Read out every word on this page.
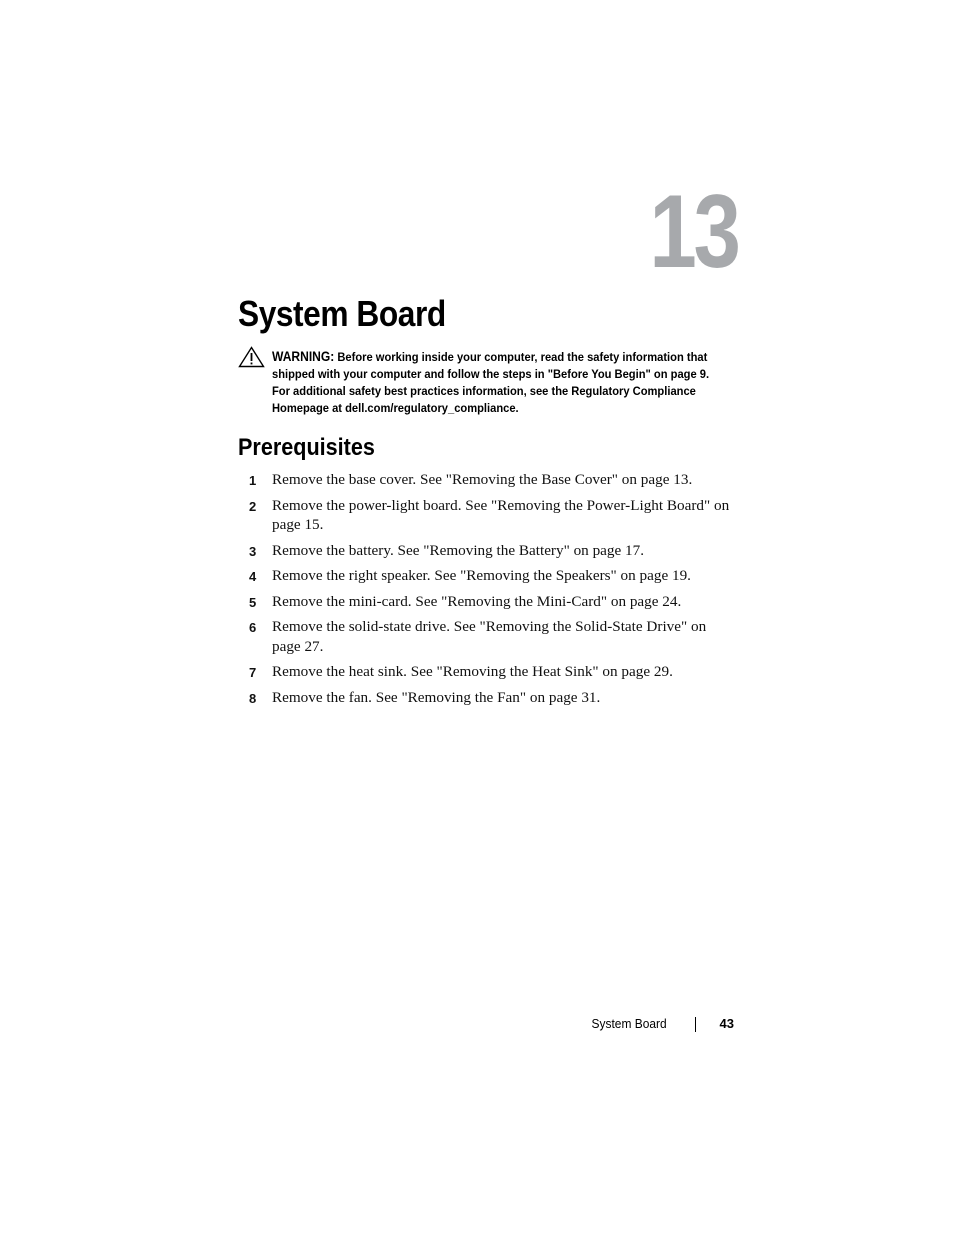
13
System Board
WARNING: Before working inside your computer, read the safety information that shipped with your computer and follow the steps in "Before You Begin" on page 9. For additional safety best practices information, see the Regulatory Compliance Homepage at dell.com/regulatory_compliance.
Prerequisites
1 Remove the base cover. See "Removing the Base Cover" on page 13.
2 Remove the power-light board. See "Removing the Power-Light Board" on page 15.
3 Remove the battery. See "Removing the Battery" on page 17.
4 Remove the right speaker. See "Removing the Speakers" on page 19.
5 Remove the mini-card. See "Removing the Mini-Card" on page 24.
6 Remove the solid-state drive. See "Removing the Solid-State Drive" on page 27.
7 Remove the heat sink. See "Removing the Heat Sink" on page 29.
8 Remove the fan. See "Removing the Fan" on page 31.
System Board	43
